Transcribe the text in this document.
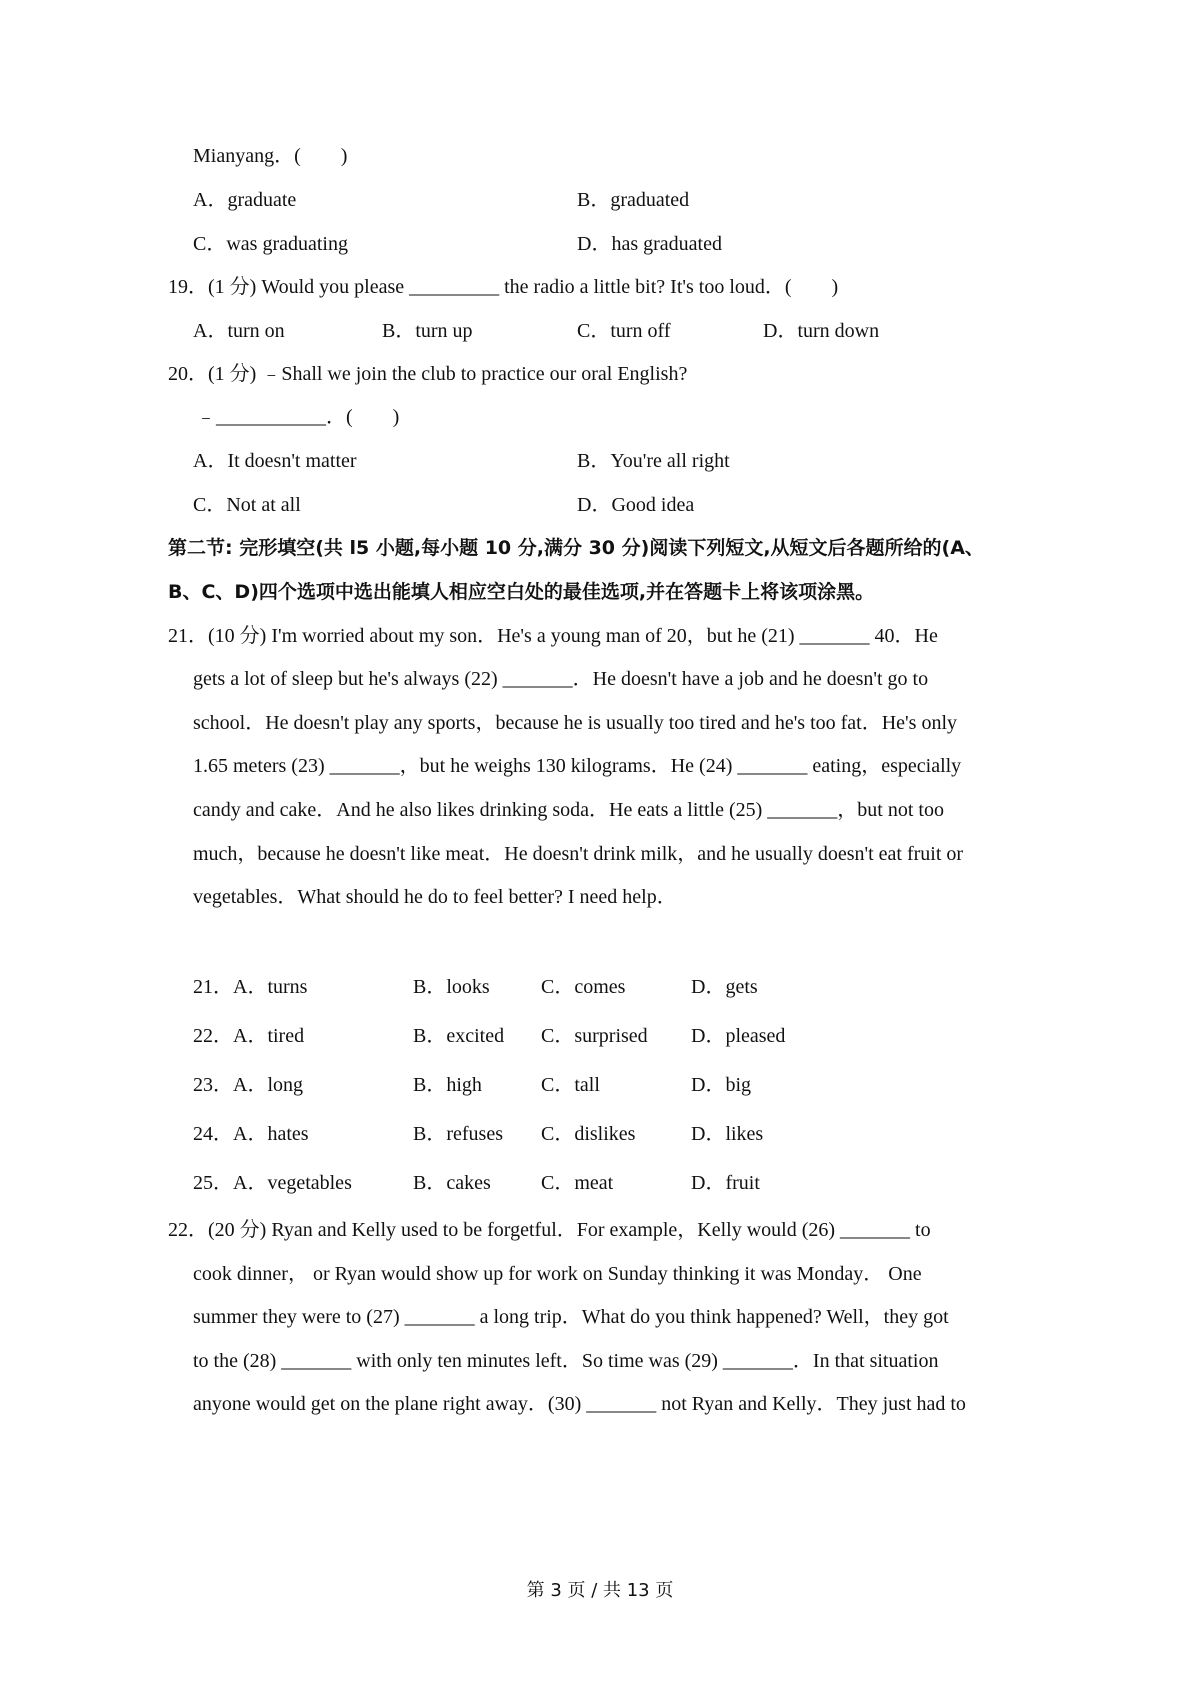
Mianyang．(　　)
A．graduate	B．graduated
C．was graduating	D．has graduated
19．(1 分) Would you please _________ the radio a little bit? It's too loud．(　　)
A．turn on	B．turn up	C．turn off	D．turn down
20．(1 分) ﹣Shall we join the club to practice our oral English?
﹣___________．(　　)
A．It doesn't matter	B．You're all right
C．Not at all	D．Good idea
第二节: 完形填空(共 l5 小题,每小题 10 分,满分 30 分)阅读下列短文,从短文后各题所给的(A、
B、C、D)四个选项中选出能填人相应空白处的最佳选项,并在答题卡上将该项涂黑。
21．(10 分) I'm worried about my son．He's a young man of 20，but he (21) _______ 40．He
gets a lot of sleep but he's always (22) _______．He doesn't have a job and he doesn't go to
school．He doesn't play any sports，because he is usually too tired and he's too fat．He's only
1.65 meters (23) _______，but he weighs 130 kilograms．He (24) _______ eating，especially
candy and cake．And he also likes drinking soda．He eats a little (25) _______，but not too
much，because he doesn't like meat．He doesn't drink milk，and he usually doesn't eat fruit or
vegetables．What should he do to feel better? I need help．
21．A．turns	B．looks	C．comes	D．gets
22．A．tired	B．excited C．surprised D．pleased
23．A．long	B．high	C．tall	D．big
24．A．hates	B．refuses C．dislikes	D．likes
25．A．vegetables	B．cakes	C．meat	D．fruit
22．(20 分) Ryan and Kelly used to be forgetful．For example，Kelly would (26) _______ to
cook dinner， or Ryan would show up for work on Sunday thinking it was Monday． One
summer they were to (27) _______ a long trip．What do you think happened? Well，they got
to the (28) _______ with only ten minutes left．So time was (29) _______．In that situation
anyone would get on the plane right away．(30) _______ not Ryan and Kelly．They just had to
第 3 页 / 共 13 页
